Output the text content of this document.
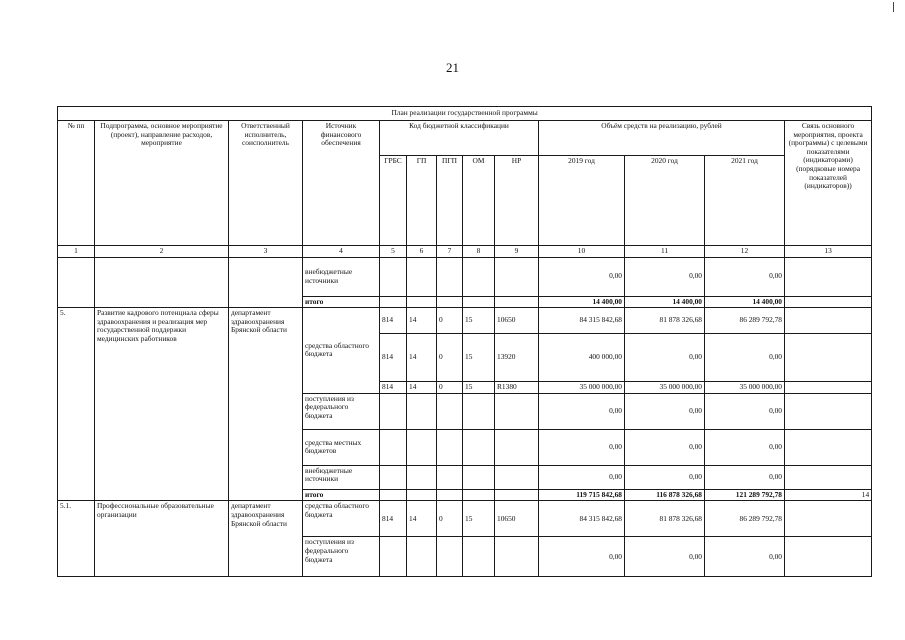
21
План реализации государственной программы												
№ пп	Подпрограмма, основное мероприятие (проект), направление расходов, мероприятие	Ответственный исполнитель, соисполнитель	Источник финансового обеспечения	Код бюджетной классификации					Объём средств на реализацию, рублей			Связь основного мероприятия, проекта (программы) с целевыми показателями (индикаторами) (порядковые номера показателей (индикаторов))
				ГРБС	ГП	ПГП	ОМ	НР	2019 год	2020 год	2021 год	
1	2	3	4	5	6	7	8	9	10	11	12	13
			внебюджетные источники						0,00	0,00	0,00	
			итого						14 400,00	14 400,00	14 400,00	
5.	Развитие кадрового потенциала сферы здравоохранения и реализация мер государственной поддержки медицинских работников	департамент здравоохранения Брянской области	средства областного бюджета	814	14	0	15	10650	84 315 842,68	81 878 326,68	86 289 792,78	
				814	14	0	15	13920	400 000,00	0,00	0,00	
				814	14	0	15	R1380	35 000 000,00	35 000 000,00	35 000 000,00	
			поступления из федерального бюджета						0,00	0,00	0,00	
			средства местных бюджетов						0,00	0,00	0,00	
			внебюджетные источники						0,00	0,00	0,00	
			итого						119 715 842,68	116 878 326,68	121 289 792,78	14
5.1.	Профессиональные образовательные организации	департамент здравоохранения Брянской области	средства областного бюджета	814	14	0	15	10650	84 315 842,68	81 878 326,68	86 289 792,78	
			поступления из федерального бюджета						0,00	0,00	0,00	
